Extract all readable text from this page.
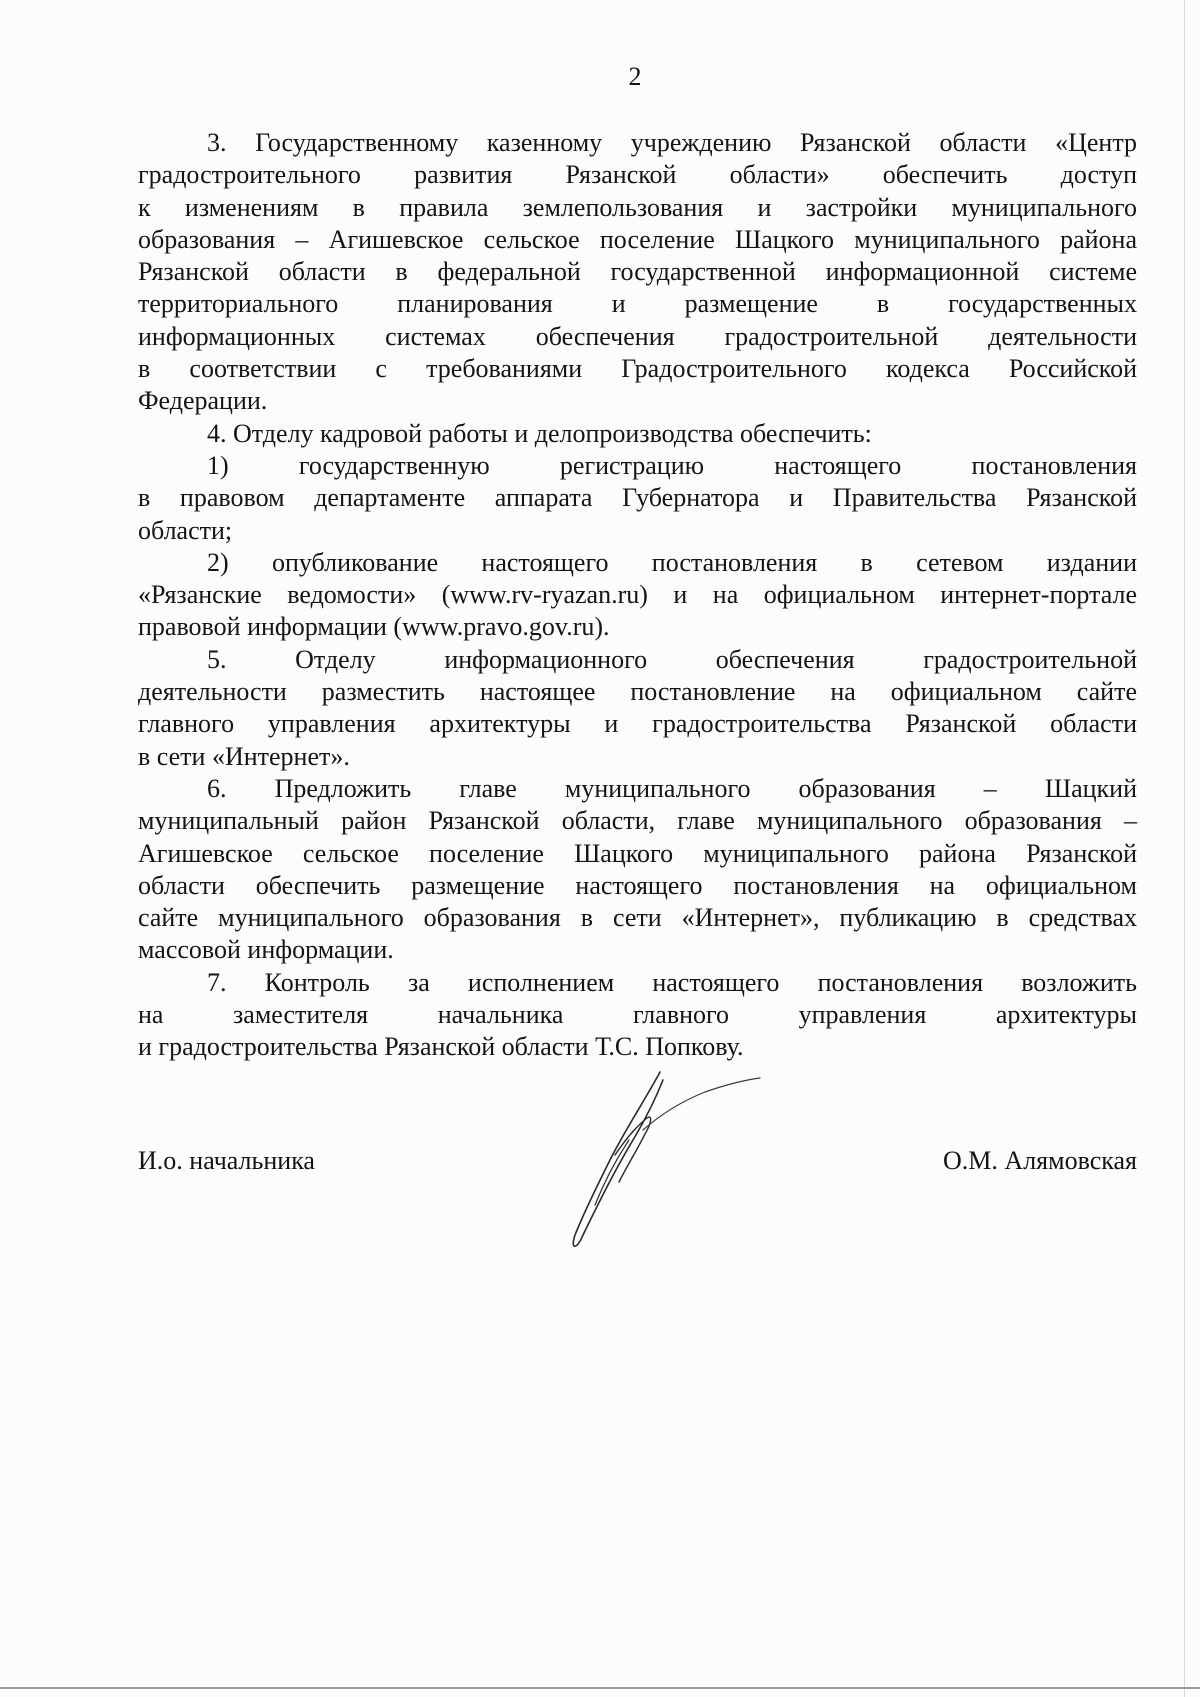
2

3. Государственному казенному учреждению Рязанской области «Центр
градостроительного развития Рязанской области» обеспечить доступ
к изменениям в правила землепользования и застройки муниципального
образования – Агишевское сельское поселение Шацкого муниципального района
Рязанской области в федеральной государственной информационной системе
территориального планирования и размещение в государственных
информационных системах обеспечения градостроительной деятельности
в соответствии с требованиями Градостроительного кодекса Российской
Федерации.

4. Отделу кадровой работы и делопроизводства обеспечить:

1) государственную регистрацию настоящего постановления
в правовом департаменте аппарата Губернатора и Правительства Рязанской
области;

2) опубликование настоящего постановления в сетевом издании
«Рязанские ведомости» (www.rv-ryazan.ru) и на официальном интернет-портале
правовой информации (www.pravo.gov.ru).

5. Отделу информационного обеспечения градостроительной
деятельности разместить настоящее постановление на официальном сайте
главного управления архитектуры и градостроительства Рязанской области
в сети «Интернет».

6. Предложить главе муниципального образования – Шацкий
муниципальный район Рязанской области, главе муниципального образования –
Агишевское сельское поселение Шацкого муниципального района Рязанской
области обеспечить размещение настоящего постановления на официальном
сайте муниципального образования в сети «Интернет», публикацию в средствах
массовой информации.

7. Контроль за исполнением настоящего постановления возложить
на заместителя начальника главного управления архитектуры
и градостроительства Рязанской области Т.С. Попкову.

И.о. начальника	О.М. Алямовская
